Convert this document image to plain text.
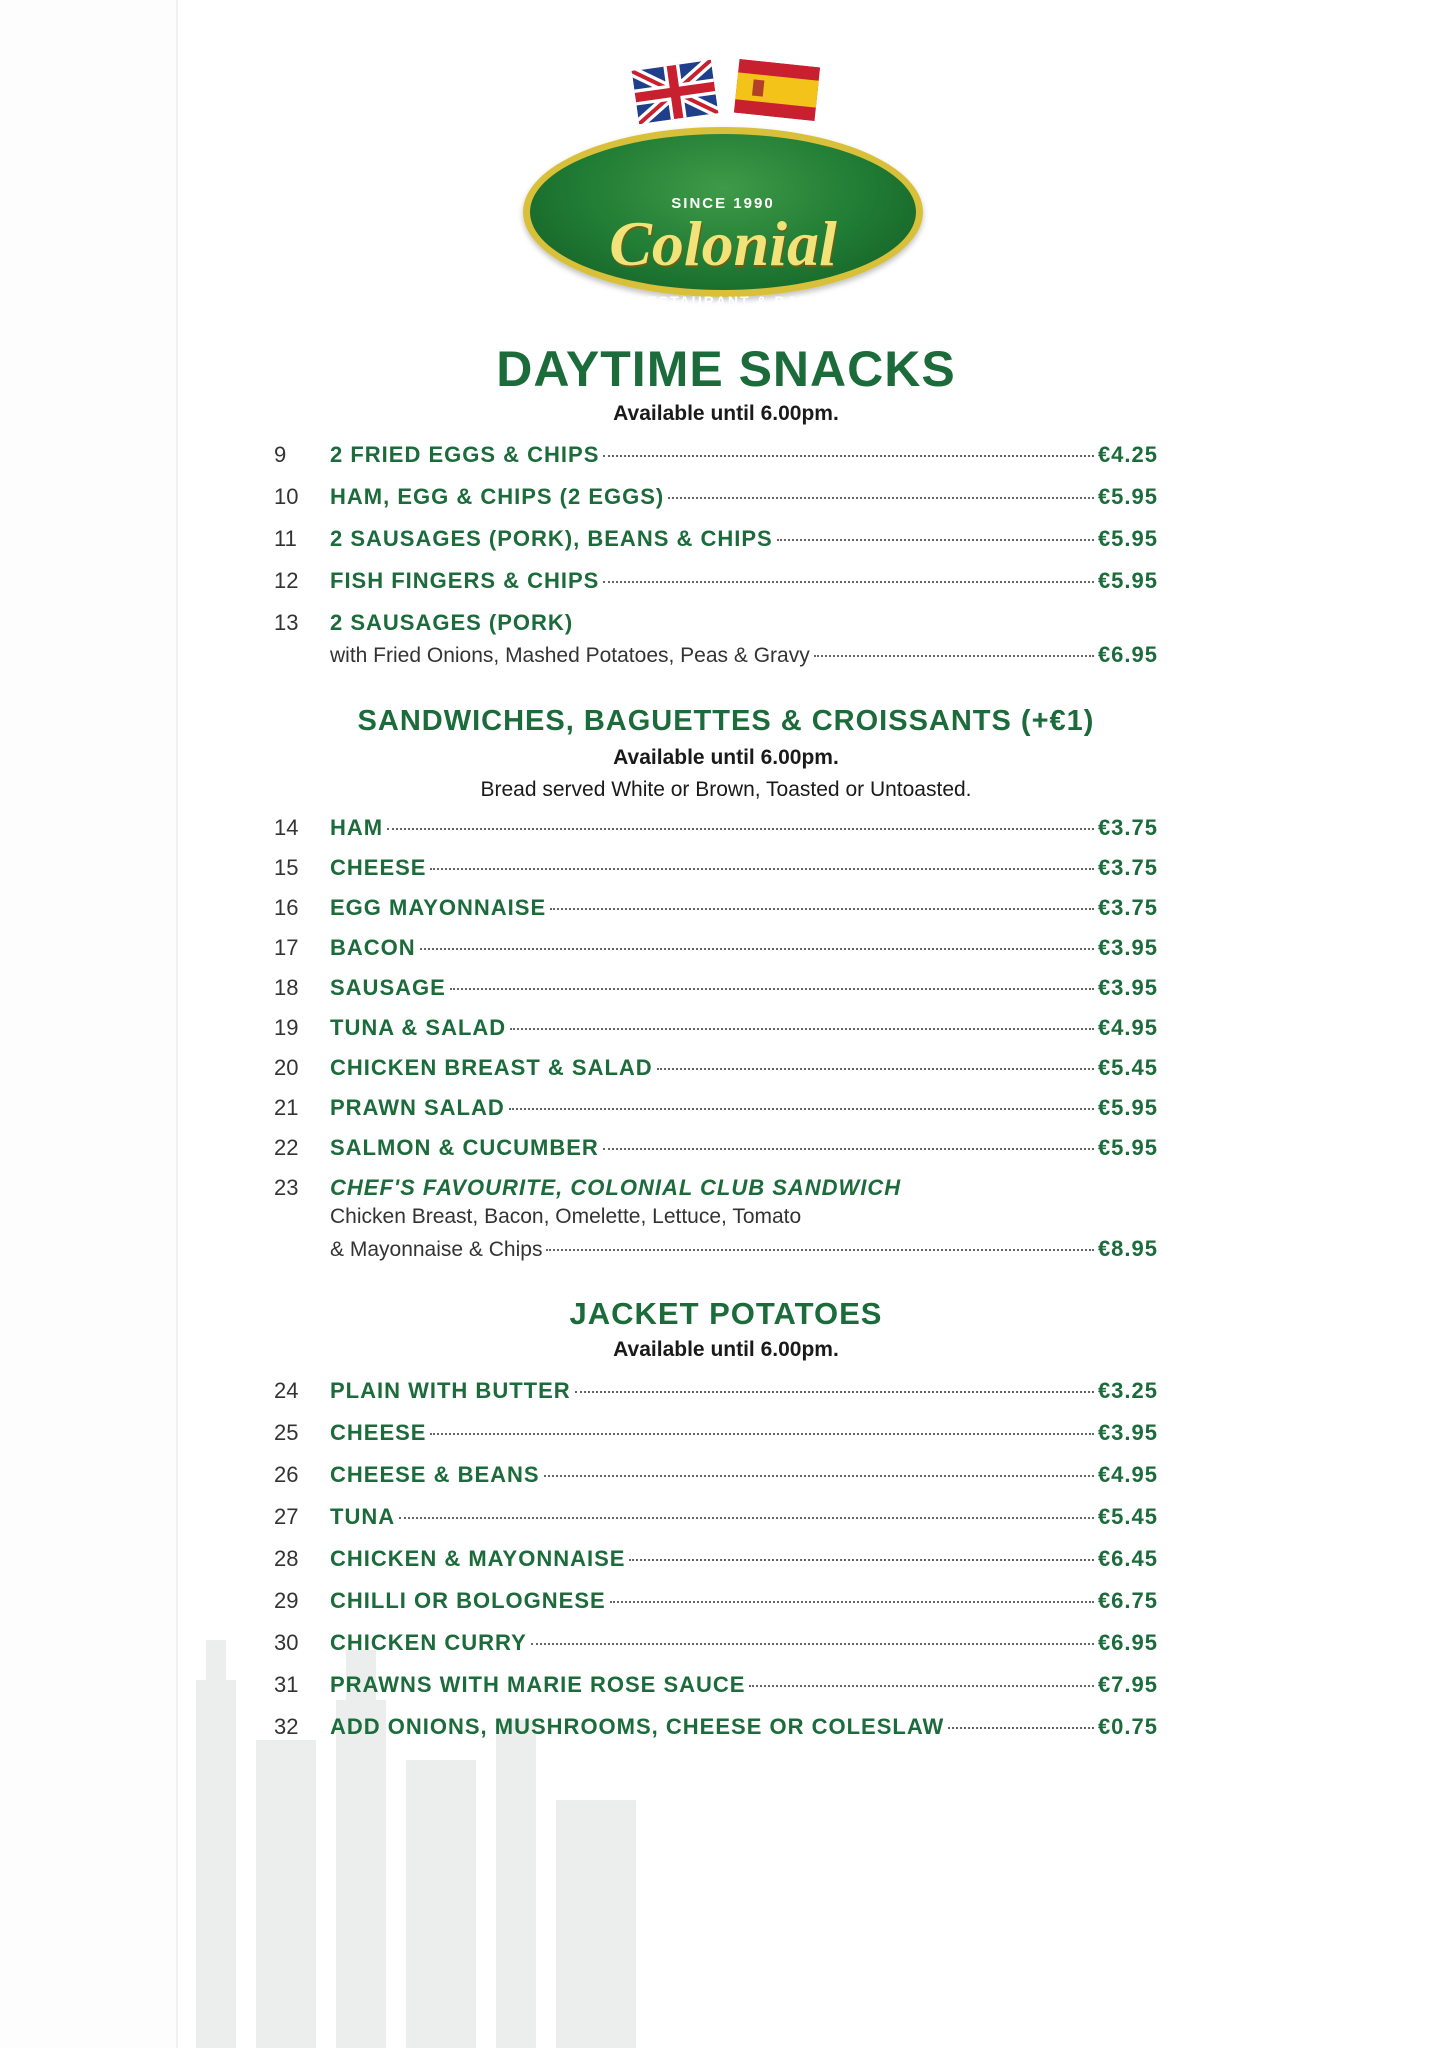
SINCE 1990
Colonial
RESTAURANT & BAR
DAYTIME SNACKS
Available until 6.00pm.
9	2 FRIED EGGS & CHIPS	€4.25
10	HAM, EGG & CHIPS (2 EGGS)	€5.95
11	2 SAUSAGES (PORK), BEANS & CHIPS	€5.95
12	FISH FINGERS & CHIPS	€5.95
13	2 SAUSAGES (PORK)
with Fried Onions, Mashed Potatoes, Peas & Gravy	€6.95
SANDWICHES, BAGUETTES & CROISSANTS (+€1)
Available until 6.00pm.
Bread served White or Brown, Toasted or Untoasted.
14	HAM	€3.75
15	CHEESE	€3.75
16	EGG MAYONNAISE	€3.75
17	BACON	€3.95
18	SAUSAGE	€3.95
19	TUNA & SALAD	€4.95
20	CHICKEN BREAST & SALAD	€5.45
21	PRAWN SALAD	€5.95
22	SALMON & CUCUMBER	€5.95
23	CHEF'S FAVOURITE, COLONIAL CLUB SANDWICH
Chicken Breast, Bacon, Omelette, Lettuce, Tomato
& Mayonnaise & Chips	€8.95
JACKET POTATOES
Available until 6.00pm.
24	PLAIN WITH BUTTER	€3.25
25	CHEESE	€3.95
26	CHEESE & BEANS	€4.95
27	TUNA	€5.45
28	CHICKEN & MAYONNAISE	€6.45
29	CHILLI OR BOLOGNESE	€6.75
30	CHICKEN CURRY	€6.95
31	PRAWNS WITH MARIE ROSE SAUCE	€7.95
32	ADD ONIONS, MUSHROOMS, CHEESE OR COLESLAW	€0.75
